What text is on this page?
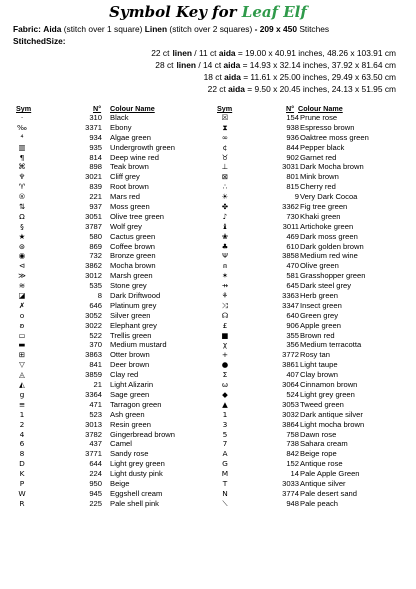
Symbol Key for Leaf Elf
Fabric: Aida (stitch over 1 square) Linen (stitch over 2 squares) - 209 x 450 Stitches
StitchedSize:
22 ct linen / 11 ct aida = 19.00 x 40.91 inches, 48.26 x 103.91 cm
28 ct linen / 14 ct aida = 14.93 x 32.14 inches, 37.92 x 81.64 cm
18 ct aida = 11.61 x 25.00 inches, 29.49 x 63.50 cm
22 ct aida = 9.50 x 20.45 inches, 24.13 x 51.95 cm
Sym	N° Colour Name	Sym	N° Colour Name
·	310 Black
‰	3371 Ebony
⁴	934 Algae green
▥	935 Undergrowth green
¶	814 Deep wine red
⌘	898 Teak brown
♆	3021 Cliff grey
♈	839 Root brown
®	221 Mars red
⇅	937 Moss green
Ω	3051 Olive tree green
§	3787 Wolf grey
★	580 Cactus green
⊛	869 Coffee brown
◉	732 Bronze green
⊲	3862 Mocha brown
≫	3012 Marsh green
≋	535 Stone grey
◪	8 Dark Driftwood
✗	646 Platinum grey
o	3052 Silver green
ʚ	3022 Elephant grey
▭	522 Trellis green
▬	370 Medium mustard
⊞	3863 Otter brown
▽	841 Deer brown
◬	3859 Clay red
◭	21 Light Alizarin
g	3364 Sage green
≡	471 Tarragon green
1	523 Ash green
2	3013 Resin green
4	3782 Gingerbread brown
6	437 Camel
8	3771 Sandy rose
D	644 Light grey green
K	224 Light dusty pink
P	950 Beige
W	945 Eggshell cream
R	225 Pale shell pink
☒	154 Prune rose
⧗	938 Espresso brown
∞	936 Oaktree moss green
¢	844 Pepper black
♉	902 Garnet red
⊥	3031 Dark Mocha brown
⊠	801 Mink brown
∴	815 Cherry red
☀	9 Very Dark Cocoa
✤	3362 Fig tree green
♪	730 Khaki green
♝	3011 Artichoke green
❀	469 Dark moss green
♣	610 Dark golden brown
Ψ	3858 Medium red wine
⍝	470 Olive green
✶	581 Grasshopper green
⇸	645 Dark steel grey
⚘	3363 Herb green
⤨	3347 Insect green
☊	640 Green grey
£	906 Apple green
■	355 Brown red
χ	356 Medium terracotta
+	3772 Rosy tan
●	3861 Light taupe
Σ	407 Clay brown
ω	3064 Cinnamon brown
◆	524 Light grey green
▲	3053 Tweed green
1	3032 Dark antique silver
3	3864 Light mocha brown
5	758 Dawn rose
7	738 Sahara cream
A	842 Beige rope
G	152 Antique rose
M	14 Pale Apple Green
T	3033 Antique silver
N	3774 Pale desert sand
⟍	948 Pale peach
